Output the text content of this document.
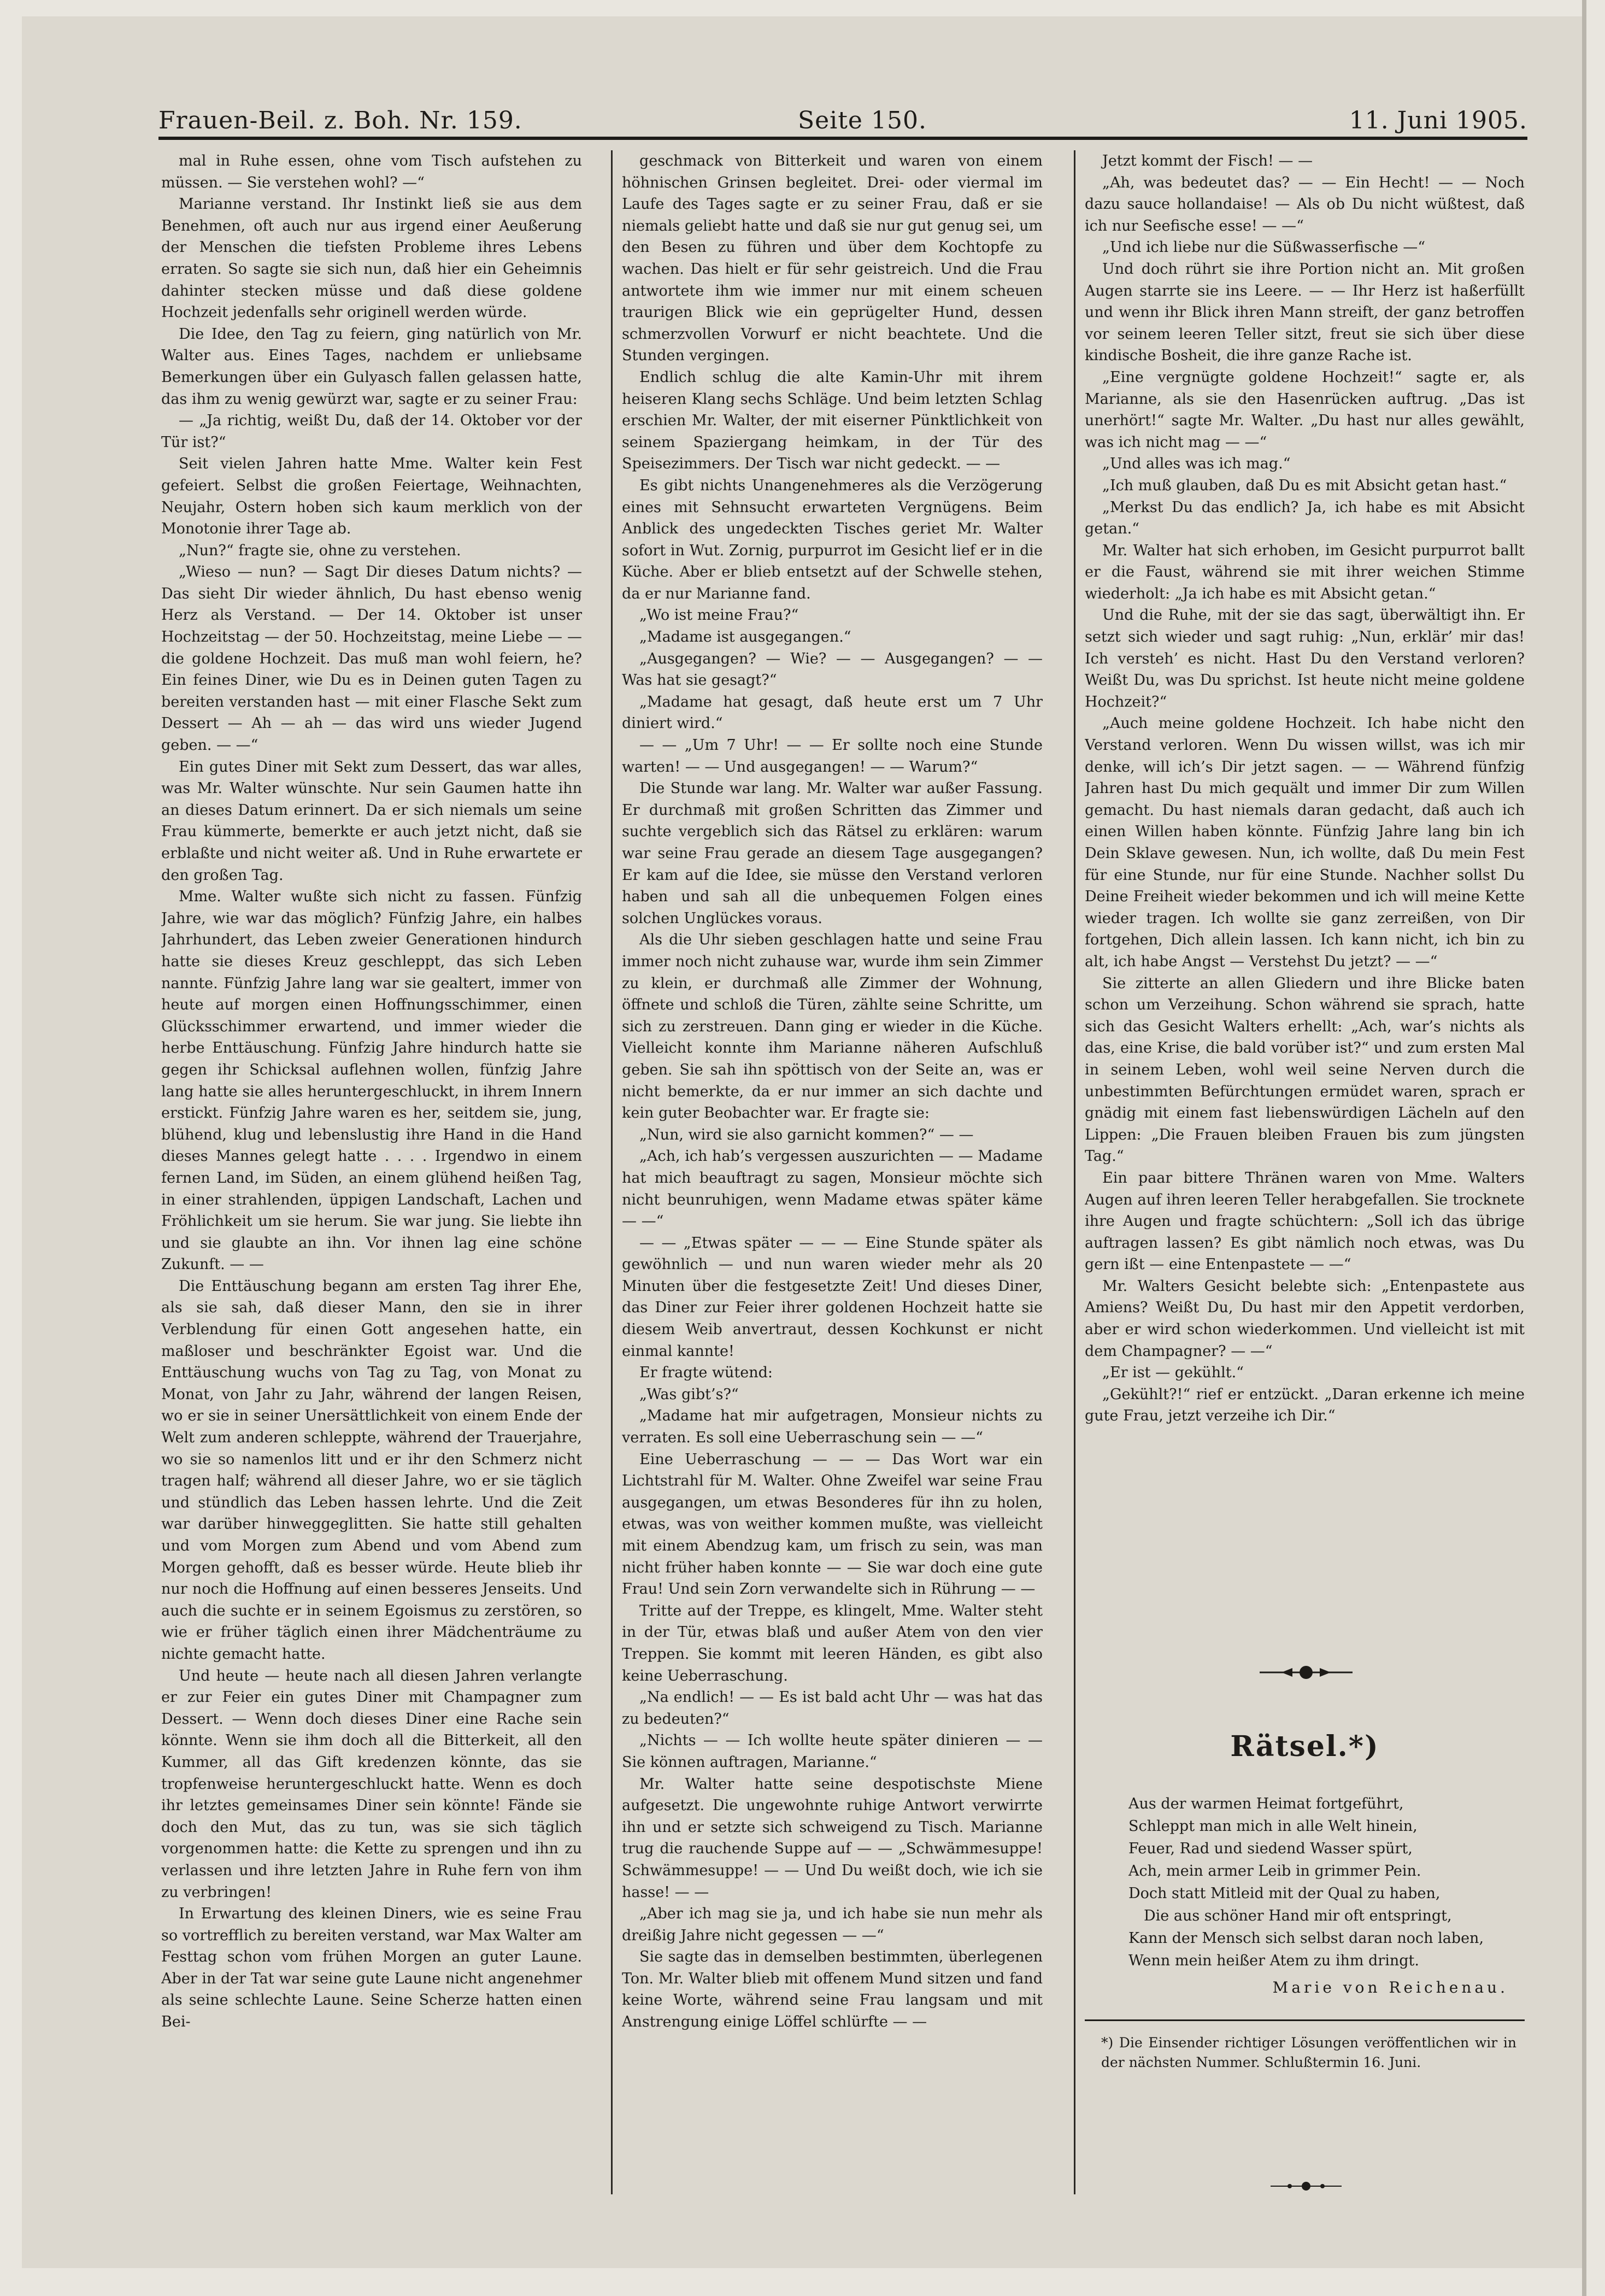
Frauen-Beil. z. Boh. Nr. 159.	Seite 150.	11. Juni 1905.

mal in Ruhe essen, ohne vom Tisch aufstehen zu müssen. — Sie verstehen wohl? —“

Marianne verstand. Ihr Instinkt ließ sie aus dem Benehmen, oft auch nur aus irgend einer Aeußerung der Menschen die tiefsten Probleme ihres Lebens erraten. So sagte sie sich nun, daß hier ein Geheimnis dahinter stecken müsse und daß diese goldene Hochzeit jedenfalls sehr originell werden würde.

Die Idee, den Tag zu feiern, ging natürlich von Mr. Walter aus. Eines Tages, nachdem er unliebsame Bemerkungen über ein Gulyasch fallen gelassen hatte, das ihm zu wenig gewürzt war, sagte er zu seiner Frau:

— „Ja richtig, weißt Du, daß der 14. Oktober vor der Tür ist?“

Seit vielen Jahren hatte Mme. Walter kein Fest gefeiert. Selbst die großen Feiertage, Weihnachten, Neujahr, Ostern hoben sich kaum merklich von der Monotonie ihrer Tage ab.

„Nun?“ fragte sie, ohne zu verstehen.

„Wieso — nun? — Sagt Dir dieses Datum nichts? — Das sieht Dir wieder ähnlich, Du hast ebenso wenig Herz als Verstand. — Der 14. Oktober ist unser Hochzeitstag — der 50. Hochzeitstag, meine Liebe — — die goldene Hochzeit. Das muß man wohl feiern, he? Ein feines Diner, wie Du es in Deinen guten Tagen zu bereiten verstanden hast — mit einer Flasche Sekt zum Dessert — Ah — ah — das wird uns wieder Jugend geben. — —“

Ein gutes Diner mit Sekt zum Dessert, das war alles, was Mr. Walter wünschte. Nur sein Gaumen hatte ihn an dieses Datum erinnert. Da er sich niemals um seine Frau kümmerte, bemerkte er auch jetzt nicht, daß sie erblaßte und nicht weiter aß. Und in Ruhe erwartete er den großen Tag.

Mme. Walter wußte sich nicht zu fassen. Fünfzig Jahre, wie war das möglich? Fünfzig Jahre, ein halbes Jahrhundert, das Leben zweier Generationen hindurch hatte sie dieses Kreuz geschleppt, das sich Leben nannte. Fünfzig Jahre lang war sie gealtert, immer von heute auf morgen einen Hoffnungsschimmer, einen Glücksschimmer erwartend, und immer wieder die herbe Enttäuschung. Fünfzig Jahre hindurch hatte sie gegen ihr Schicksal auflehnen wollen, fünfzig Jahre lang hatte sie alles heruntergeschluckt, in ihrem Innern erstickt. Fünfzig Jahre waren es her, seitdem sie, jung, blühend, klug und lebenslustig ihre Hand in die Hand dieses Mannes gelegt hatte . . . . Irgendwo in einem fernen Land, im Süden, an einem glühend heißen Tag, in einer strahlenden, üppigen Landschaft, Lachen und Fröhlichkeit um sie herum. Sie war jung. Sie liebte ihn und sie glaubte an ihn. Vor ihnen lag eine schöne Zukunft. — —

Die Enttäuschung begann am ersten Tag ihrer Ehe, als sie sah, daß dieser Mann, den sie in ihrer Verblendung für einen Gott angesehen hatte, ein maßloser und beschränkter Egoist war. Und die Enttäuschung wuchs von Tag zu Tag, von Monat zu Monat, von Jahr zu Jahr, während der langen Reisen, wo er sie in seiner Unersättlichkeit von einem Ende der Welt zum anderen schleppte, während der Trauerjahre, wo sie so namenlos litt und er ihr den Schmerz nicht tragen half; während all dieser Jahre, wo er sie täglich und stündlich das Leben hassen lehrte. Und die Zeit war darüber hinweggeglitten. Sie hatte still gehalten und vom Morgen zum Abend und vom Abend zum Morgen gehofft, daß es besser würde. Heute blieb ihr nur noch die Hoffnung auf einen besseres Jenseits. Und auch die suchte er in seinem Egoismus zu zerstören, so wie er früher täglich einen ihrer Mädchenträume zu nichte gemacht hatte.

Und heute — heute nach all diesen Jahren verlangte er zur Feier ein gutes Diner mit Champagner zum Dessert. — Wenn doch dieses Diner eine Rache sein könnte. Wenn sie ihm doch all die Bitterkeit, all den Kummer, all das Gift kredenzen könnte, das sie tropfenweise heruntergeschluckt hatte. Wenn es doch ihr letztes gemeinsames Diner sein könnte! Fände sie doch den Mut, das zu tun, was sie sich täglich vorgenommen hatte: die Kette zu sprengen und ihn zu verlassen und ihre letzten Jahre in Ruhe fern von ihm zu verbringen!

In Erwartung des kleinen Diners, wie es seine Frau so vortrefflich zu bereiten verstand, war Max Walter am Festtag schon vom frühen Morgen an guter Laune. Aber in der Tat war seine gute Laune nicht angenehmer als seine schlechte Laune. Seine Scherze hatten einen Bei-

geschmack von Bitterkeit und waren von einem höhnischen Grinsen begleitet. Drei- oder viermal im Laufe des Tages sagte er zu seiner Frau, daß er sie niemals geliebt hatte und daß sie nur gut genug sei, um den Besen zu führen und über dem Kochtopfe zu wachen. Das hielt er für sehr geistreich. Und die Frau antwortete ihm wie immer nur mit einem scheuen traurigen Blick wie ein geprügelter Hund, dessen schmerzvollen Vorwurf er nicht beachtete. Und die Stunden vergingen.

Endlich schlug die alte Kamin-Uhr mit ihrem heiseren Klang sechs Schläge. Und beim letzten Schlag erschien Mr. Walter, der mit eiserner Pünktlichkeit von seinem Spaziergang heimkam, in der Tür des Speisezimmers. Der Tisch war nicht gedeckt. — —

Es gibt nichts Unangenehmeres als die Verzögerung eines mit Sehnsucht erwarteten Vergnügens. Beim Anblick des ungedeckten Tisches geriet Mr. Walter sofort in Wut. Zornig, purpurrot im Gesicht lief er in die Küche. Aber er blieb entsetzt auf der Schwelle stehen, da er nur Marianne fand.

„Wo ist meine Frau?“

„Madame ist ausgegangen.“

„Ausgegangen? — Wie? — — Ausgegangen? — — Was hat sie gesagt?“

„Madame hat gesagt, daß heute erst um 7 Uhr diniert wird.“

— — „Um 7 Uhr! — — Er sollte noch eine Stunde warten! — — Und ausgegangen! — — Warum?“

Die Stunde war lang. Mr. Walter war außer Fassung. Er durchmaß mit großen Schritten das Zimmer und suchte vergeblich sich das Rätsel zu erklären: warum war seine Frau gerade an diesem Tage ausgegangen? Er kam auf die Idee, sie müsse den Verstand verloren haben und sah all die unbequemen Folgen eines solchen Unglückes voraus.

Als die Uhr sieben geschlagen hatte und seine Frau immer noch nicht zuhause war, wurde ihm sein Zimmer zu klein, er durchmaß alle Zimmer der Wohnung, öffnete und schloß die Türen, zählte seine Schritte, um sich zu zerstreuen. Dann ging er wieder in die Küche. Vielleicht konnte ihm Marianne näheren Aufschluß geben. Sie sah ihn spöttisch von der Seite an, was er nicht bemerkte, da er nur immer an sich dachte und kein guter Beobachter war. Er fragte sie:

„Nun, wird sie also garnicht kommen?“ — —

„Ach, ich hab’s vergessen auszurichten — — Madame hat mich beauftragt zu sagen, Monsieur möchte sich nicht beunruhigen, wenn Madame etwas später käme — —“

— — „Etwas später — — — Eine Stunde später als gewöhnlich — und nun waren wieder mehr als 20 Minuten über die festgesetzte Zeit! Und dieses Diner, das Diner zur Feier ihrer goldenen Hochzeit hatte sie diesem Weib anvertraut, dessen Kochkunst er nicht einmal kannte!

Er fragte wütend:

„Was gibt’s?“

„Madame hat mir aufgetragen, Monsieur nichts zu verraten. Es soll eine Ueberraschung sein — —“

Eine Ueberraschung — — — Das Wort war ein Lichtstrahl für M. Walter. Ohne Zweifel war seine Frau ausgegangen, um etwas Besonderes für ihn zu holen, etwas, was von weither kommen mußte, was vielleicht mit einem Abendzug kam, um frisch zu sein, was man nicht früher haben konnte — — Sie war doch eine gute Frau! Und sein Zorn verwandelte sich in Rührung — —

Tritte auf der Treppe, es klingelt, Mme. Walter steht in der Tür, etwas blaß und außer Atem von den vier Treppen. Sie kommt mit leeren Händen, es gibt also keine Ueberraschung.

„Na endlich! — — Es ist bald acht Uhr — was hat das zu bedeuten?“

„Nichts — — Ich wollte heute später dinieren — — Sie können auftragen, Marianne.“

Mr. Walter hatte seine despotischste Miene aufgesetzt. Die ungewohnte ruhige Antwort verwirrte ihn und er setzte sich schweigend zu Tisch. Marianne trug die rauchende Suppe auf — — „Schwämmesuppe! Schwämmesuppe! — — Und Du weißt doch, wie ich sie hasse! — —

„Aber ich mag sie ja, und ich habe sie nun mehr als dreißig Jahre nicht gegessen — —“

Sie sagte das in demselben bestimmten, überlegenen Ton. Mr. Walter blieb mit offenem Mund sitzen und fand keine Worte, während seine Frau langsam und mit Anstrengung einige Löffel schlürfte — —

Jetzt kommt der Fisch! — —

„Ah, was bedeutet das? — — Ein Hecht! — — Noch dazu sauce hollandaise! — Als ob Du nicht wüßtest, daß ich nur Seefische esse! — —“

„Und ich liebe nur die Süßwasserfische —“

Und doch rührt sie ihre Portion nicht an. Mit großen Augen starrte sie ins Leere. — — Ihr Herz ist haßerfüllt und wenn ihr Blick ihren Mann streift, der ganz betroffen vor seinem leeren Teller sitzt, freut sie sich über diese kindische Bosheit, die ihre ganze Rache ist.

„Eine vergnügte goldene Hochzeit!“ sagte er, als Marianne, als sie den Hasenrücken auftrug. „Das ist unerhört!“ sagte Mr. Walter. „Du hast nur alles gewählt, was ich nicht mag — —“

„Und alles was ich mag.“

„Ich muß glauben, daß Du es mit Absicht getan hast.“

„Merkst Du das endlich? Ja, ich habe es mit Absicht getan.“

Mr. Walter hat sich erhoben, im Gesicht purpurrot ballt er die Faust, während sie mit ihrer weichen Stimme wiederholt: „Ja ich habe es mit Absicht getan.“

Und die Ruhe, mit der sie das sagt, überwältigt ihn. Er setzt sich wieder und sagt ruhig: „Nun, erklär’ mir das! Ich versteh’ es nicht. Hast Du den Verstand verloren? Weißt Du, was Du sprichst. Ist heute nicht meine goldene Hochzeit?“

„Auch meine goldene Hochzeit. Ich habe nicht den Verstand verloren. Wenn Du wissen willst, was ich mir denke, will ich’s Dir jetzt sagen. — — Während fünfzig Jahren hast Du mich gequält und immer Dir zum Willen gemacht. Du hast niemals daran gedacht, daß auch ich einen Willen haben könnte. Fünfzig Jahre lang bin ich Dein Sklave gewesen. Nun, ich wollte, daß Du mein Fest für eine Stunde, nur für eine Stunde. Nachher sollst Du Deine Freiheit wieder bekommen und ich will meine Kette wieder tragen. Ich wollte sie ganz zerreißen, von Dir fortgehen, Dich allein lassen. Ich kann nicht, ich bin zu alt, ich habe Angst — Verstehst Du jetzt? — —“

Sie zitterte an allen Gliedern und ihre Blicke baten schon um Verzeihung. Schon während sie sprach, hatte sich das Gesicht Walters erhellt: „Ach, war’s nichts als das, eine Krise, die bald vorüber ist?“ und zum ersten Mal in seinem Leben, wohl weil seine Nerven durch die unbestimmten Befürchtungen ermüdet waren, sprach er gnädig mit einem fast liebenswürdigen Lächeln auf den Lippen: „Die Frauen bleiben Frauen bis zum jüngsten Tag.“

Ein paar bittere Thränen waren von Mme. Walters Augen auf ihren leeren Teller herabgefallen. Sie trocknete ihre Augen und fragte schüchtern: „Soll ich das übrige auftragen lassen? Es gibt nämlich noch etwas, was Du gern ißt — eine Entenpastete — —“

Mr. Walters Gesicht belebte sich: „Entenpastete aus Amiens? Weißt Du, Du hast mir den Appetit verdorben, aber er wird schon wiederkommen. Und vielleicht ist mit dem Champagner? — —“

„Er ist — gekühlt.“

„Gekühlt?!“ rief er entzückt. „Daran erkenne ich meine gute Frau, jetzt verzeihe ich Dir.“

Rätsel.*)
Aus der warmen Heimat fortgeführt,
Schleppt man mich in alle Welt hinein,
Feuer, Rad und siedend Wasser spürt,
Ach, mein armer Leib in grimmer Pein.
Doch statt Mitleid mit der Qual zu haben,
Die aus schöner Hand mir oft entspringt,
Kann der Mensch sich selbst daran noch laben,
Wenn mein heißer Atem zu ihm dringt.
Marie von Reichenau.
*) Die Einsender richtiger Lösungen veröffentlichen wir in der nächsten Nummer. Schlußtermin 16. Juni.
